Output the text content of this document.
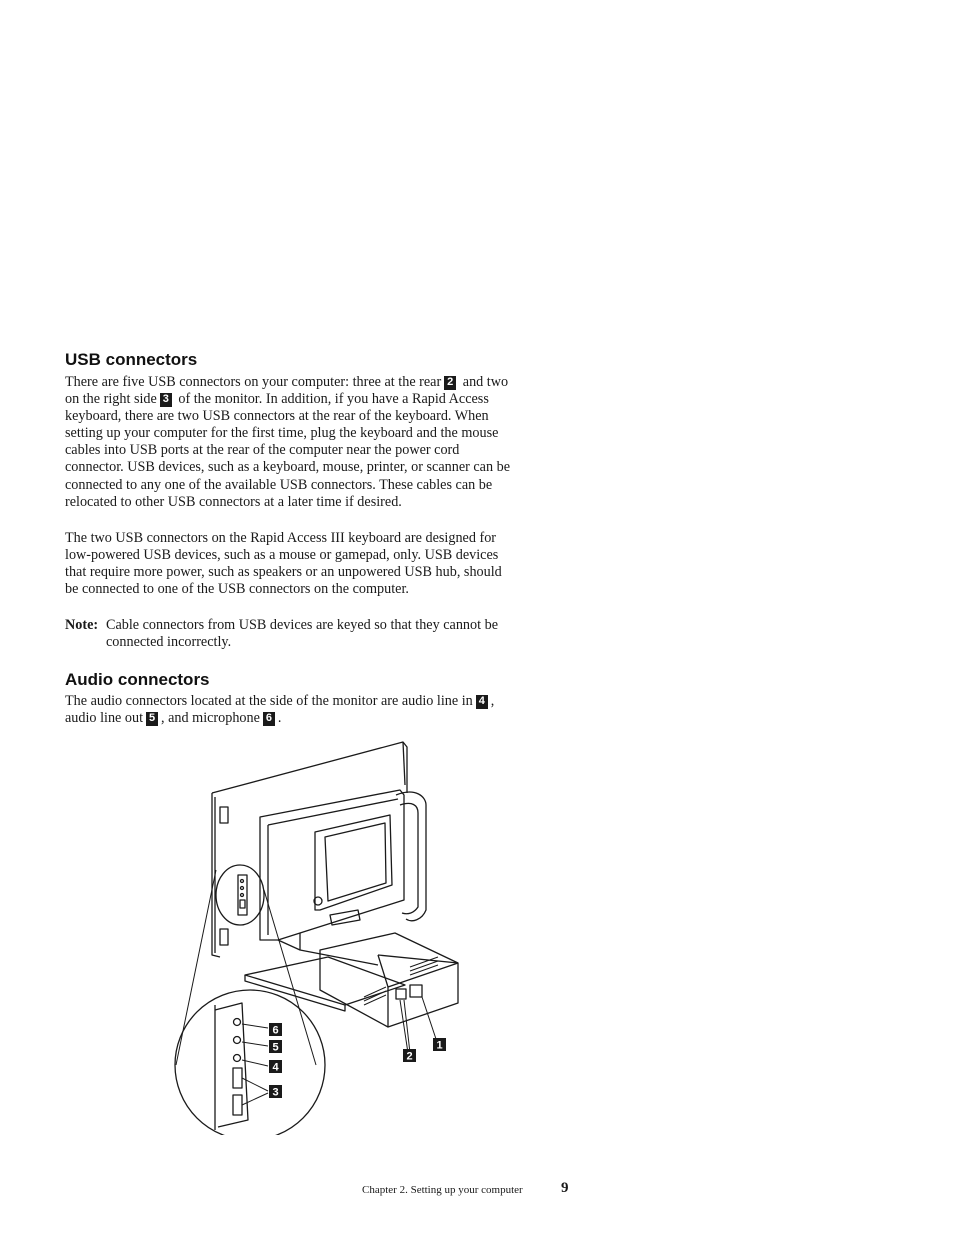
USB connectors
There are five USB connectors on your computer: three at the rear 2 and two
on the right side 3 of the monitor. In addition, if you have a Rapid Access
keyboard, there are two USB connectors at the rear of the keyboard. When
setting up your computer for the first time, plug the keyboard and the mouse
cables into USB ports at the rear of the computer near the power cord
connector. USB devices, such as a keyboard, mouse, printer, or scanner can be
connected to any one of the available USB connectors. These cables can be
relocated to other USB connectors at a later time if desired.
The two USB connectors on the Rapid Access III keyboard are designed for
low-powered USB devices, such as a mouse or gamepad, only. USB devices
that require more power, such as speakers or an unpowered USB hub, should
be connected to one of the USB connectors on the computer.
Note: Cable connectors from USB devices are keyed so that they cannot be
connected incorrectly.
Audio connectors
The audio connectors located at the side of the monitor are audio line in 4 ,
audio line out 5 , and microphone 6 .
6
5
4
3
2
1
Chapter 2. Setting up your computer	9
